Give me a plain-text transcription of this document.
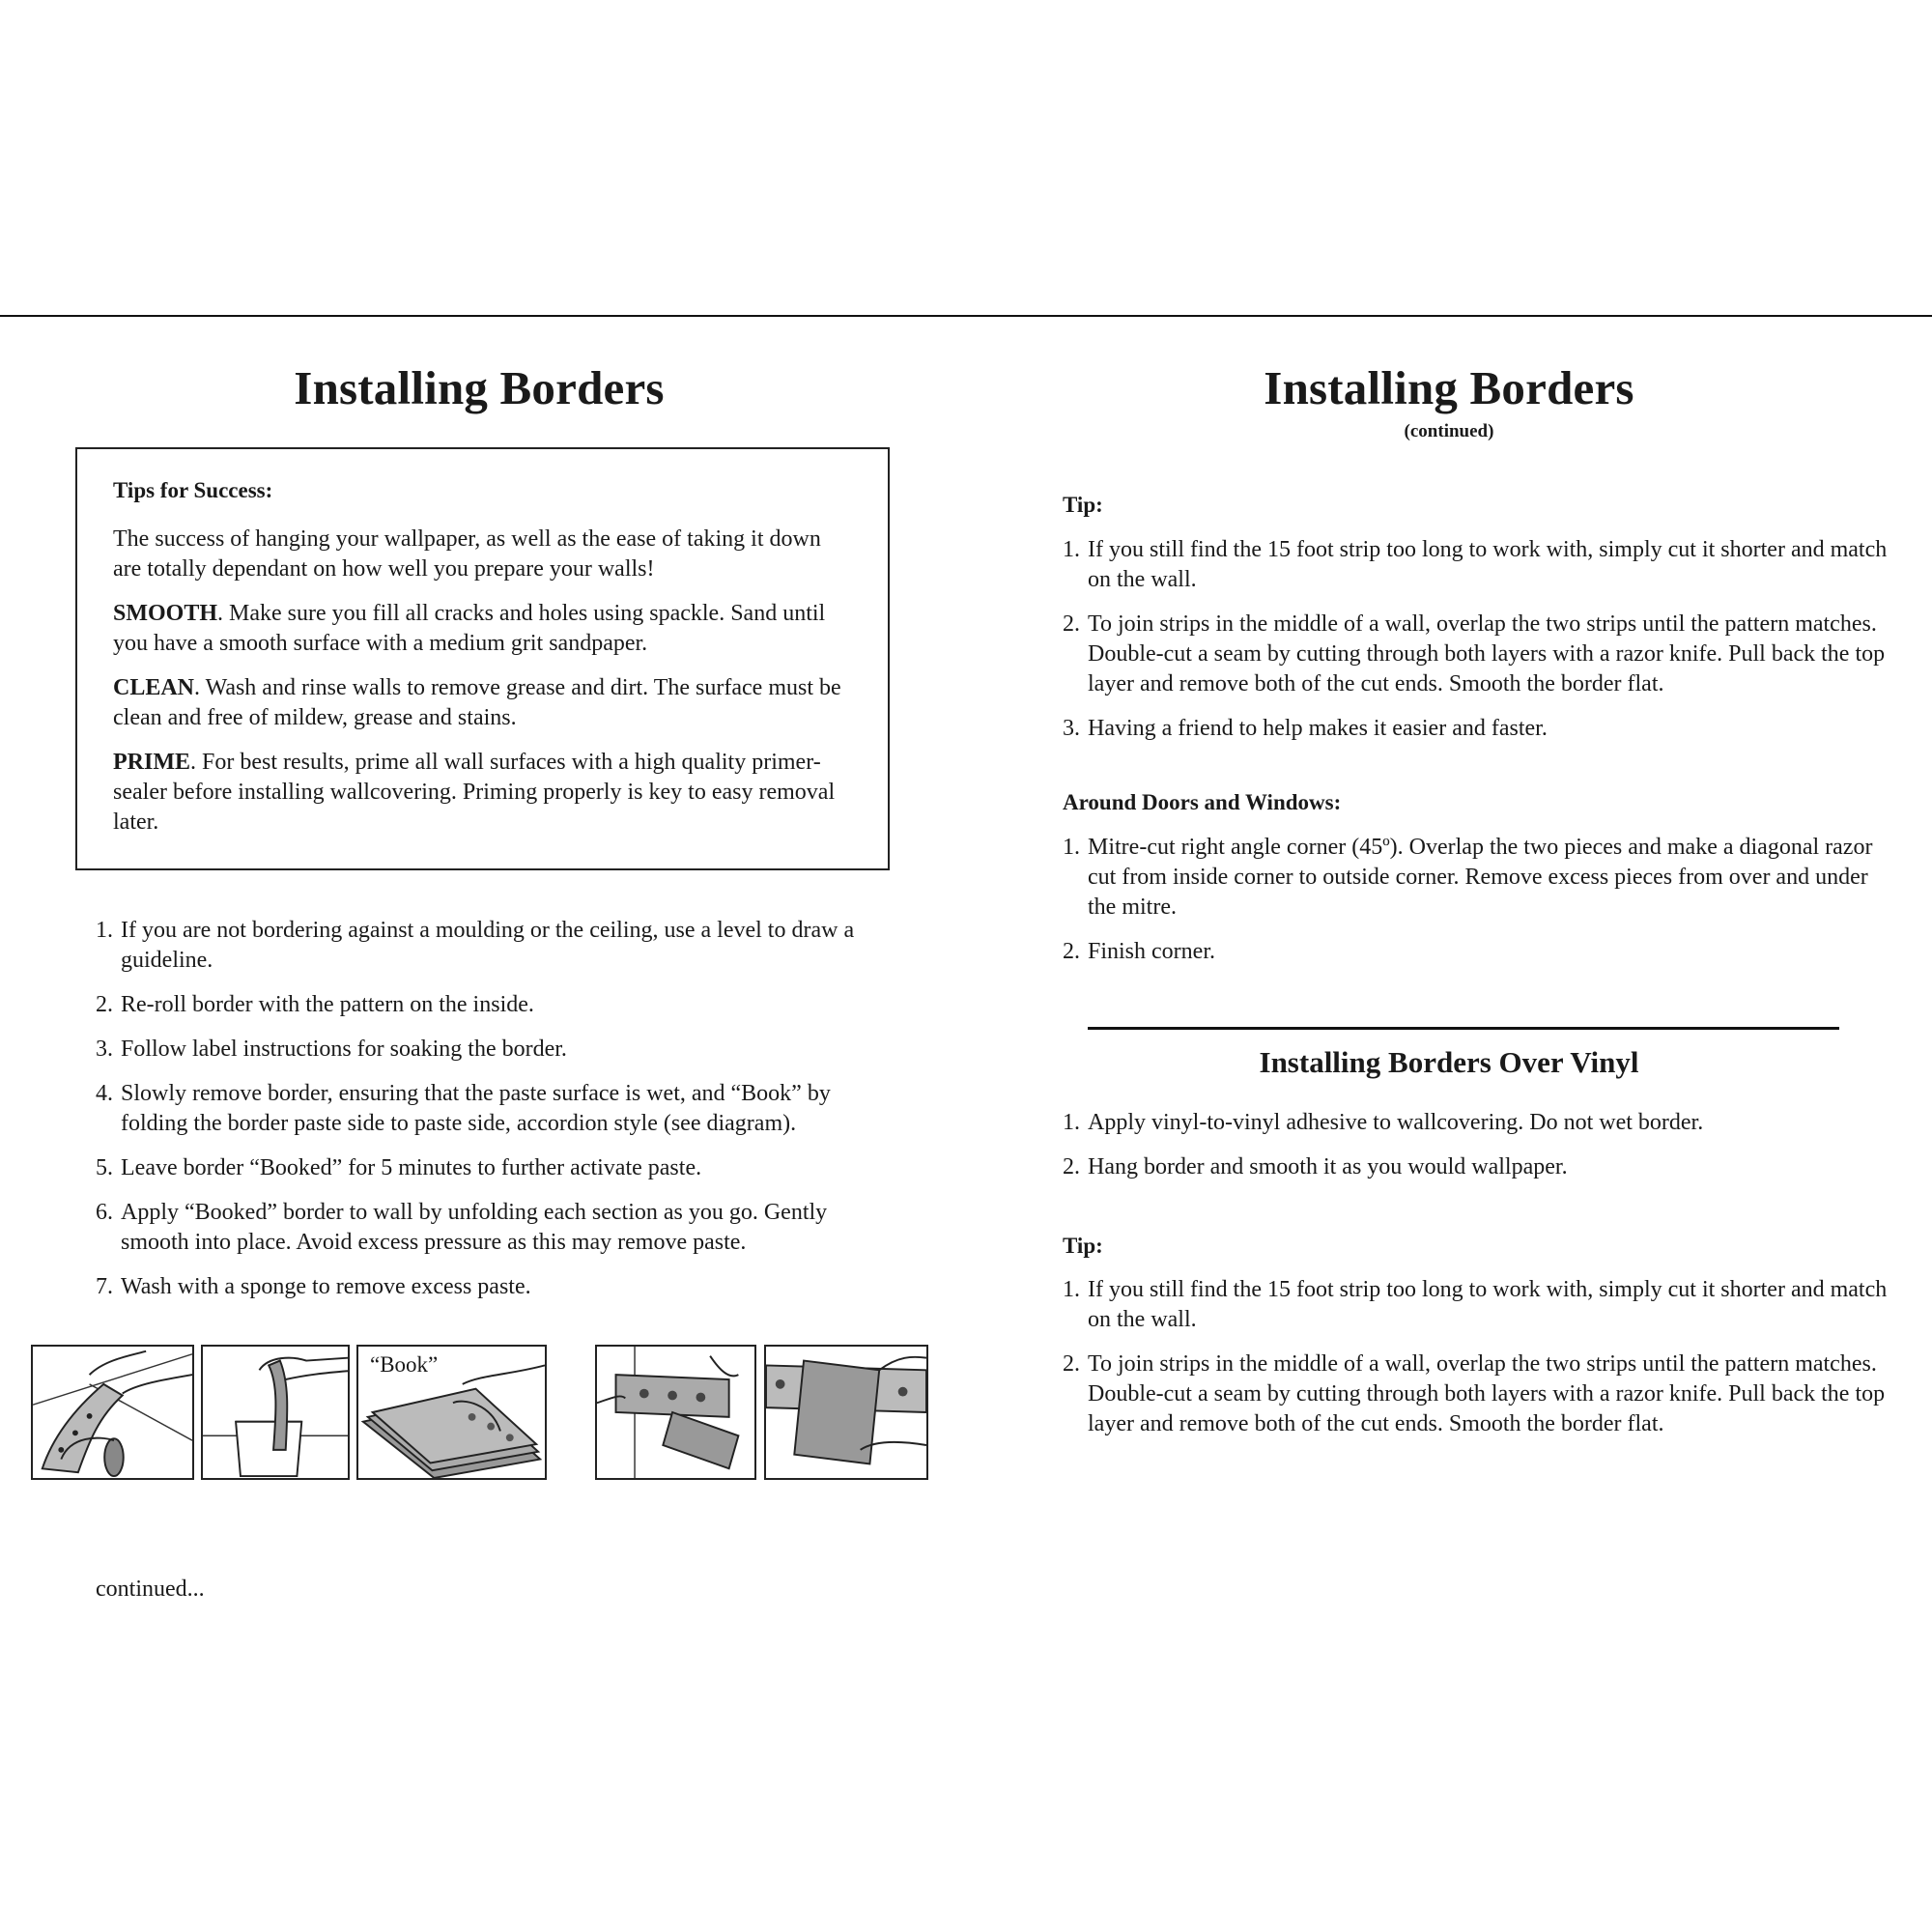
Installing Borders
Tips for Success:

The success of hanging your wallpaper, as well as the ease of taking it down are totally dependant on how well you prepare your walls!

SMOOTH. Make sure you fill all cracks and holes using spackle. Sand until you have a smooth surface with a medium grit sandpaper.

CLEAN. Wash and rinse walls to remove grease and dirt. The surface must be clean and free of mildew, grease and stains.

PRIME. For best results, prime all wall surfaces with a high quality primer-sealer before installing wallcovering. Priming properly is key to easy removal later.

1. If you are not bordering against a moulding or the ceiling, use a level to draw a guideline.
2. Re-roll border with the pattern on the inside.
3. Follow label instructions for soaking the border.
4. Slowly remove border, ensuring that the paste surface is wet, and “Book” by folding the border paste side to paste side, accordion style (see diagram).
5. Leave border “Booked” for 5 minutes to further activate paste.
6. Apply “Booked” border to wall by unfolding each section as you go. Gently smooth into place. Avoid excess pressure as this may remove paste.
7. Wash with a sponge to remove excess paste.
“Book”
continued...
Installing Borders
(continued)
Tip:
1. If you still find the 15 foot strip too long to work with, simply cut it shorter and match on the wall.
2. To join strips in the middle of a wall, overlap the two strips until the pattern matches. Double-cut a seam by cutting through both layers with a razor knife. Pull back the top layer and remove both of the cut ends. Smooth the border flat.
3. Having a friend to help makes it easier and faster.
Around Doors and Windows:
1. Mitre-cut right angle corner (45º). Overlap the two pieces and make a diagonal razor cut from inside corner to outside corner. Remove excess pieces from over and under the mitre.
2. Finish corner.
Installing Borders Over Vinyl
1. Apply vinyl-to-vinyl adhesive to wallcovering. Do not wet border.
2. Hang border and smooth it as you would wallpaper.
Tip:
1. If you still find the 15 foot strip too long to work with, simply cut it shorter and match on the wall.
2. To join strips in the middle of a wall, overlap the two strips until the pattern matches. Double-cut a seam by cutting through both layers with a razor knife. Pull back the top layer and remove both of the cut ends. Smooth the border flat.
